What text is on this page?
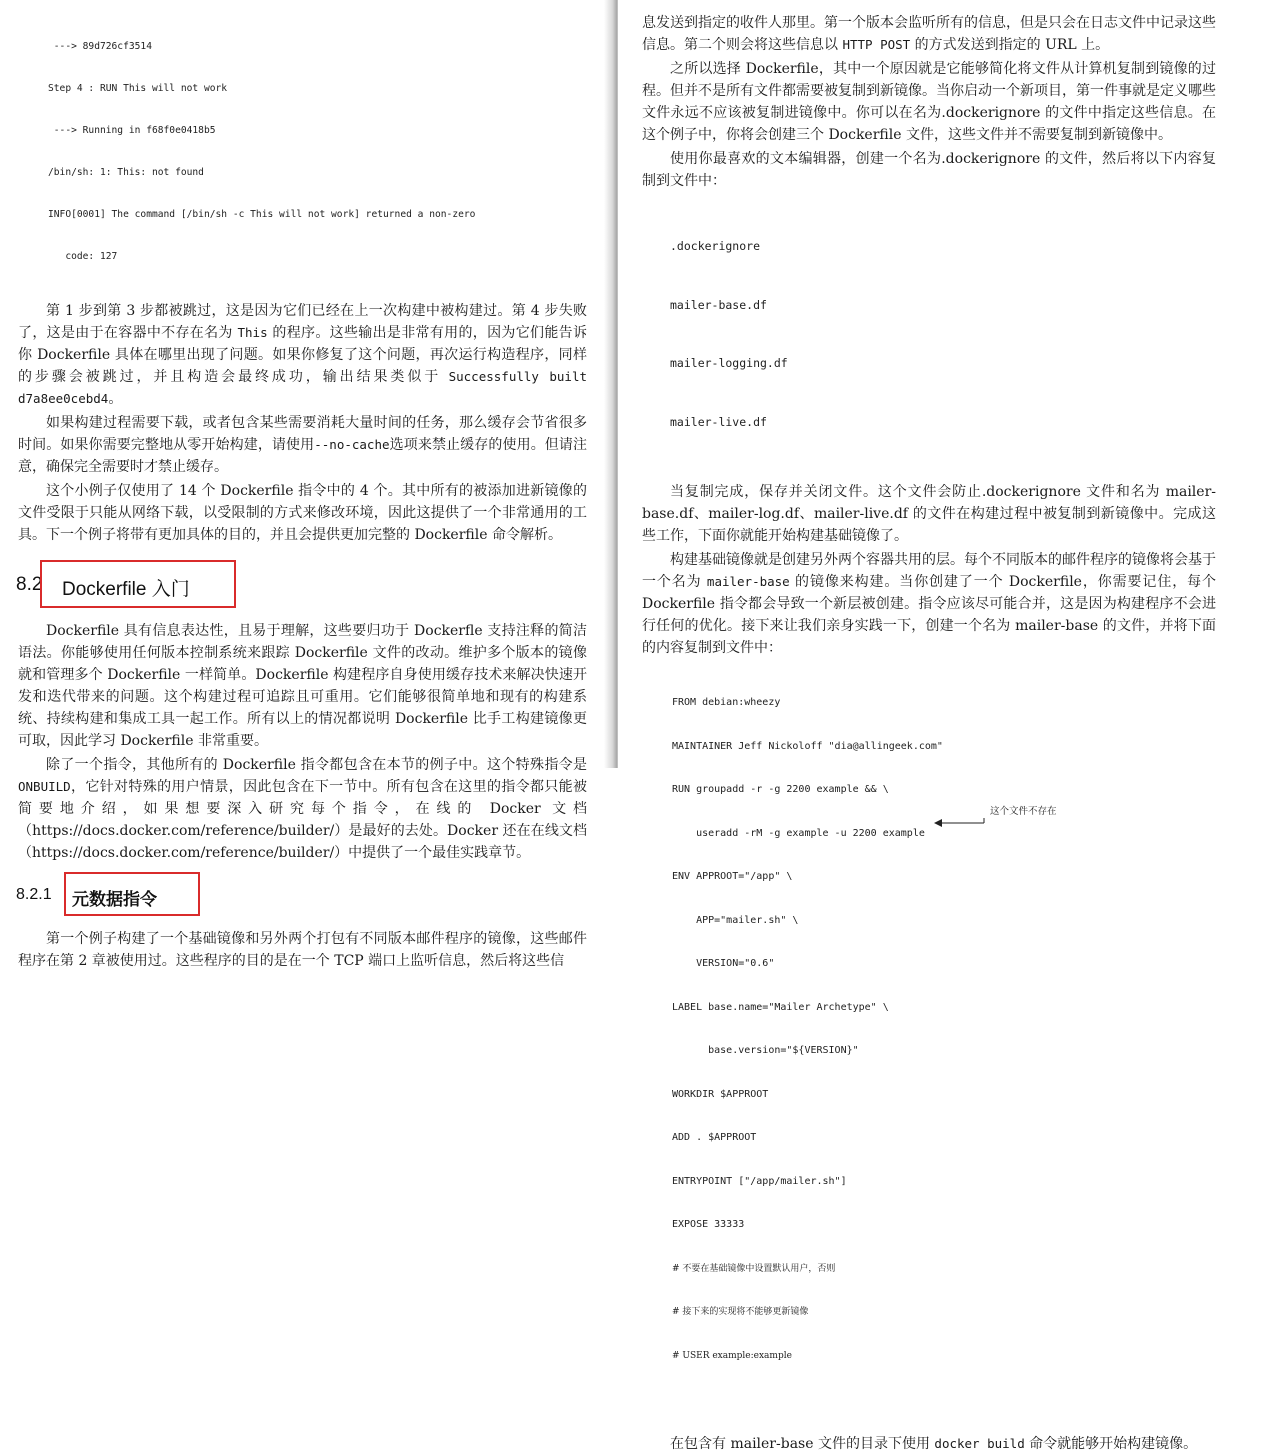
---> 89d726cf3514

Step 4 : RUN This will not work

---> Running in f68f0e0418b5

/bin/sh: 1: This: not found

INFO[0001] The command [/bin/sh -c This will not work] returned a non-zero

code: 127

第 1 步到第 3 步都被跳过，这是因为它们已经在上一次构建中被构建过。第 4 步失败了，这是由于在容器中不存在名为 This 的程序。这些输出是非常有用的，因为它们能告诉你 Dockerfile 具体在哪里出现了问题。如果你修复了这个问题，再次运行构造程序，同样的步骤会被跳过，并且构造会最终成功，输出结果类似于 Successfully built d7a8ee0cebd4。

如果构建过程需要下载，或者包含某些需要消耗大量时间的任务，那么缓存会节省很多时间。如果你需要完整地从零开始构建，请使用--no-cache选项来禁止缓存的使用。但请注意，确保完全需要时才禁止缓存。

这个小例子仅使用了 14 个 Dockerfile 指令中的 4 个。其中所有的被添加进新镜像的文件受限于只能从网络下载，以受限制的方式来修改环境，因此这提供了一个非常通用的工具。下一个例子将带有更加具体的目的，并且会提供更加完整的 Dockerfile 命令解析。

8.2 Dockerfile 入门

Dockerfile 具有信息表达性，且易于理解，这些要归功于 Dockerfle 支持注释的简洁语法。你能够使用任何版本控制系统来跟踪 Dockerfile 文件的改动。维护多个版本的镜像就和管理多个 Dockerfile 一样简单。Dockerfile 构建程序自身使用缓存技术来解决快速开发和迭代带来的问题。这个构建过程可追踪且可重用。它们能够很简单地和现有的构建系统、持续构建和集成工具一起工作。所有以上的情况都说明 Dockerfile 比手工构建镜像更可取，因此学习 Dockerfile 非常重要。

除了一个指令，其他所有的 Dockerfile 指令都包含在本节的例子中。这个特殊指令是 ONBUILD，它针对特殊的用户情景，因此包含在下一节中。所有包含在这里的指令都只能被简要地介绍，如果想要深入研究每个指令，在线的 Docker 文档（https://docs.docker.com/reference/builder/）是最好的去处。Docker 还在在线文档（https://docs.docker.com/reference/builder/）中提供了一个最佳实践章节。

8.2.1 元数据指令

第一个例子构建了一个基础镜像和另外两个打包有不同版本邮件程序的镜像，这些邮件程序在第 2 章被使用过。这些程序的目的是在一个 TCP 端口上监听信息，然后将这些信

息发送到指定的收件人那里。第一个版本会监听所有的信息，但是只会在日志文件中记录这些信息。第二个则会将这些信息以 HTTP POST 的方式发送到指定的 URL 上。

之所以选择 Dockerfile，其中一个原因就是它能够简化将文件从计算机复制到镜像的过程。但并不是所有文件都需要被复制到新镜像。当你启动一个新项目，第一件事就是定义哪些文件永远不应该被复制进镜像中。你可以在名为.dockerignore 的文件中指定这些信息。在这个例子中，你将会创建三个 Dockerfile 文件，这些文件并不需要复制到新镜像中。

使用你最喜欢的文本编辑器，创建一个名为.dockerignore 的文件，然后将以下内容复制到文件中：

.dockerignore

mailer-base.df

mailer-logging.df

mailer-live.df

当复制完成，保存并关闭文件。这个文件会防止.dockerignore 文件和名为 mailer-base.df、mailer-log.df、mailer-live.df 的文件在构建过程中被复制到新镜像中。完成这些工作，下面你就能开始构建基础镜像了。

构建基础镜像就是创建另外两个容器共用的层。每个不同版本的邮件程序的镜像将会基于一个名为 mailer-base 的镜像来构建。当你创建了一个 Dockerfile，你需要记住，每个 Dockerfile 指令都会导致一个新层被创建。指令应该尽可能合并，这是因为构建程序不会进行任何的优化。接下来让我们亲身实践一下，创建一个名为 mailer-base 的文件，并将下面的内容复制到文件中：

FROM debian:wheezy

MAINTAINER Jeff Nickoloff "dia@allingeek.com"

RUN groupadd -r -g 2200 example && \

useradd -rM -g example -u 2200 example

ENV APPROOT="/app" \

APP="mailer.sh" \

VERSION="0.6"

LABEL base.name="Mailer Archetype" \

base.version="${VERSION}"

WORKDIR $APPROOT

ADD . $APPROOT

ENTRYPOINT ["/app/mailer.sh"]

EXPOSE 33333

# 不要在基础镜像中设置默认用户，否则

# 接下来的实现将不能够更新镜像

# USER example:example

这个文件不存在

在包含有 mailer-base 文件的目录下使用 docker build 命令就能够开始构建镜像。
